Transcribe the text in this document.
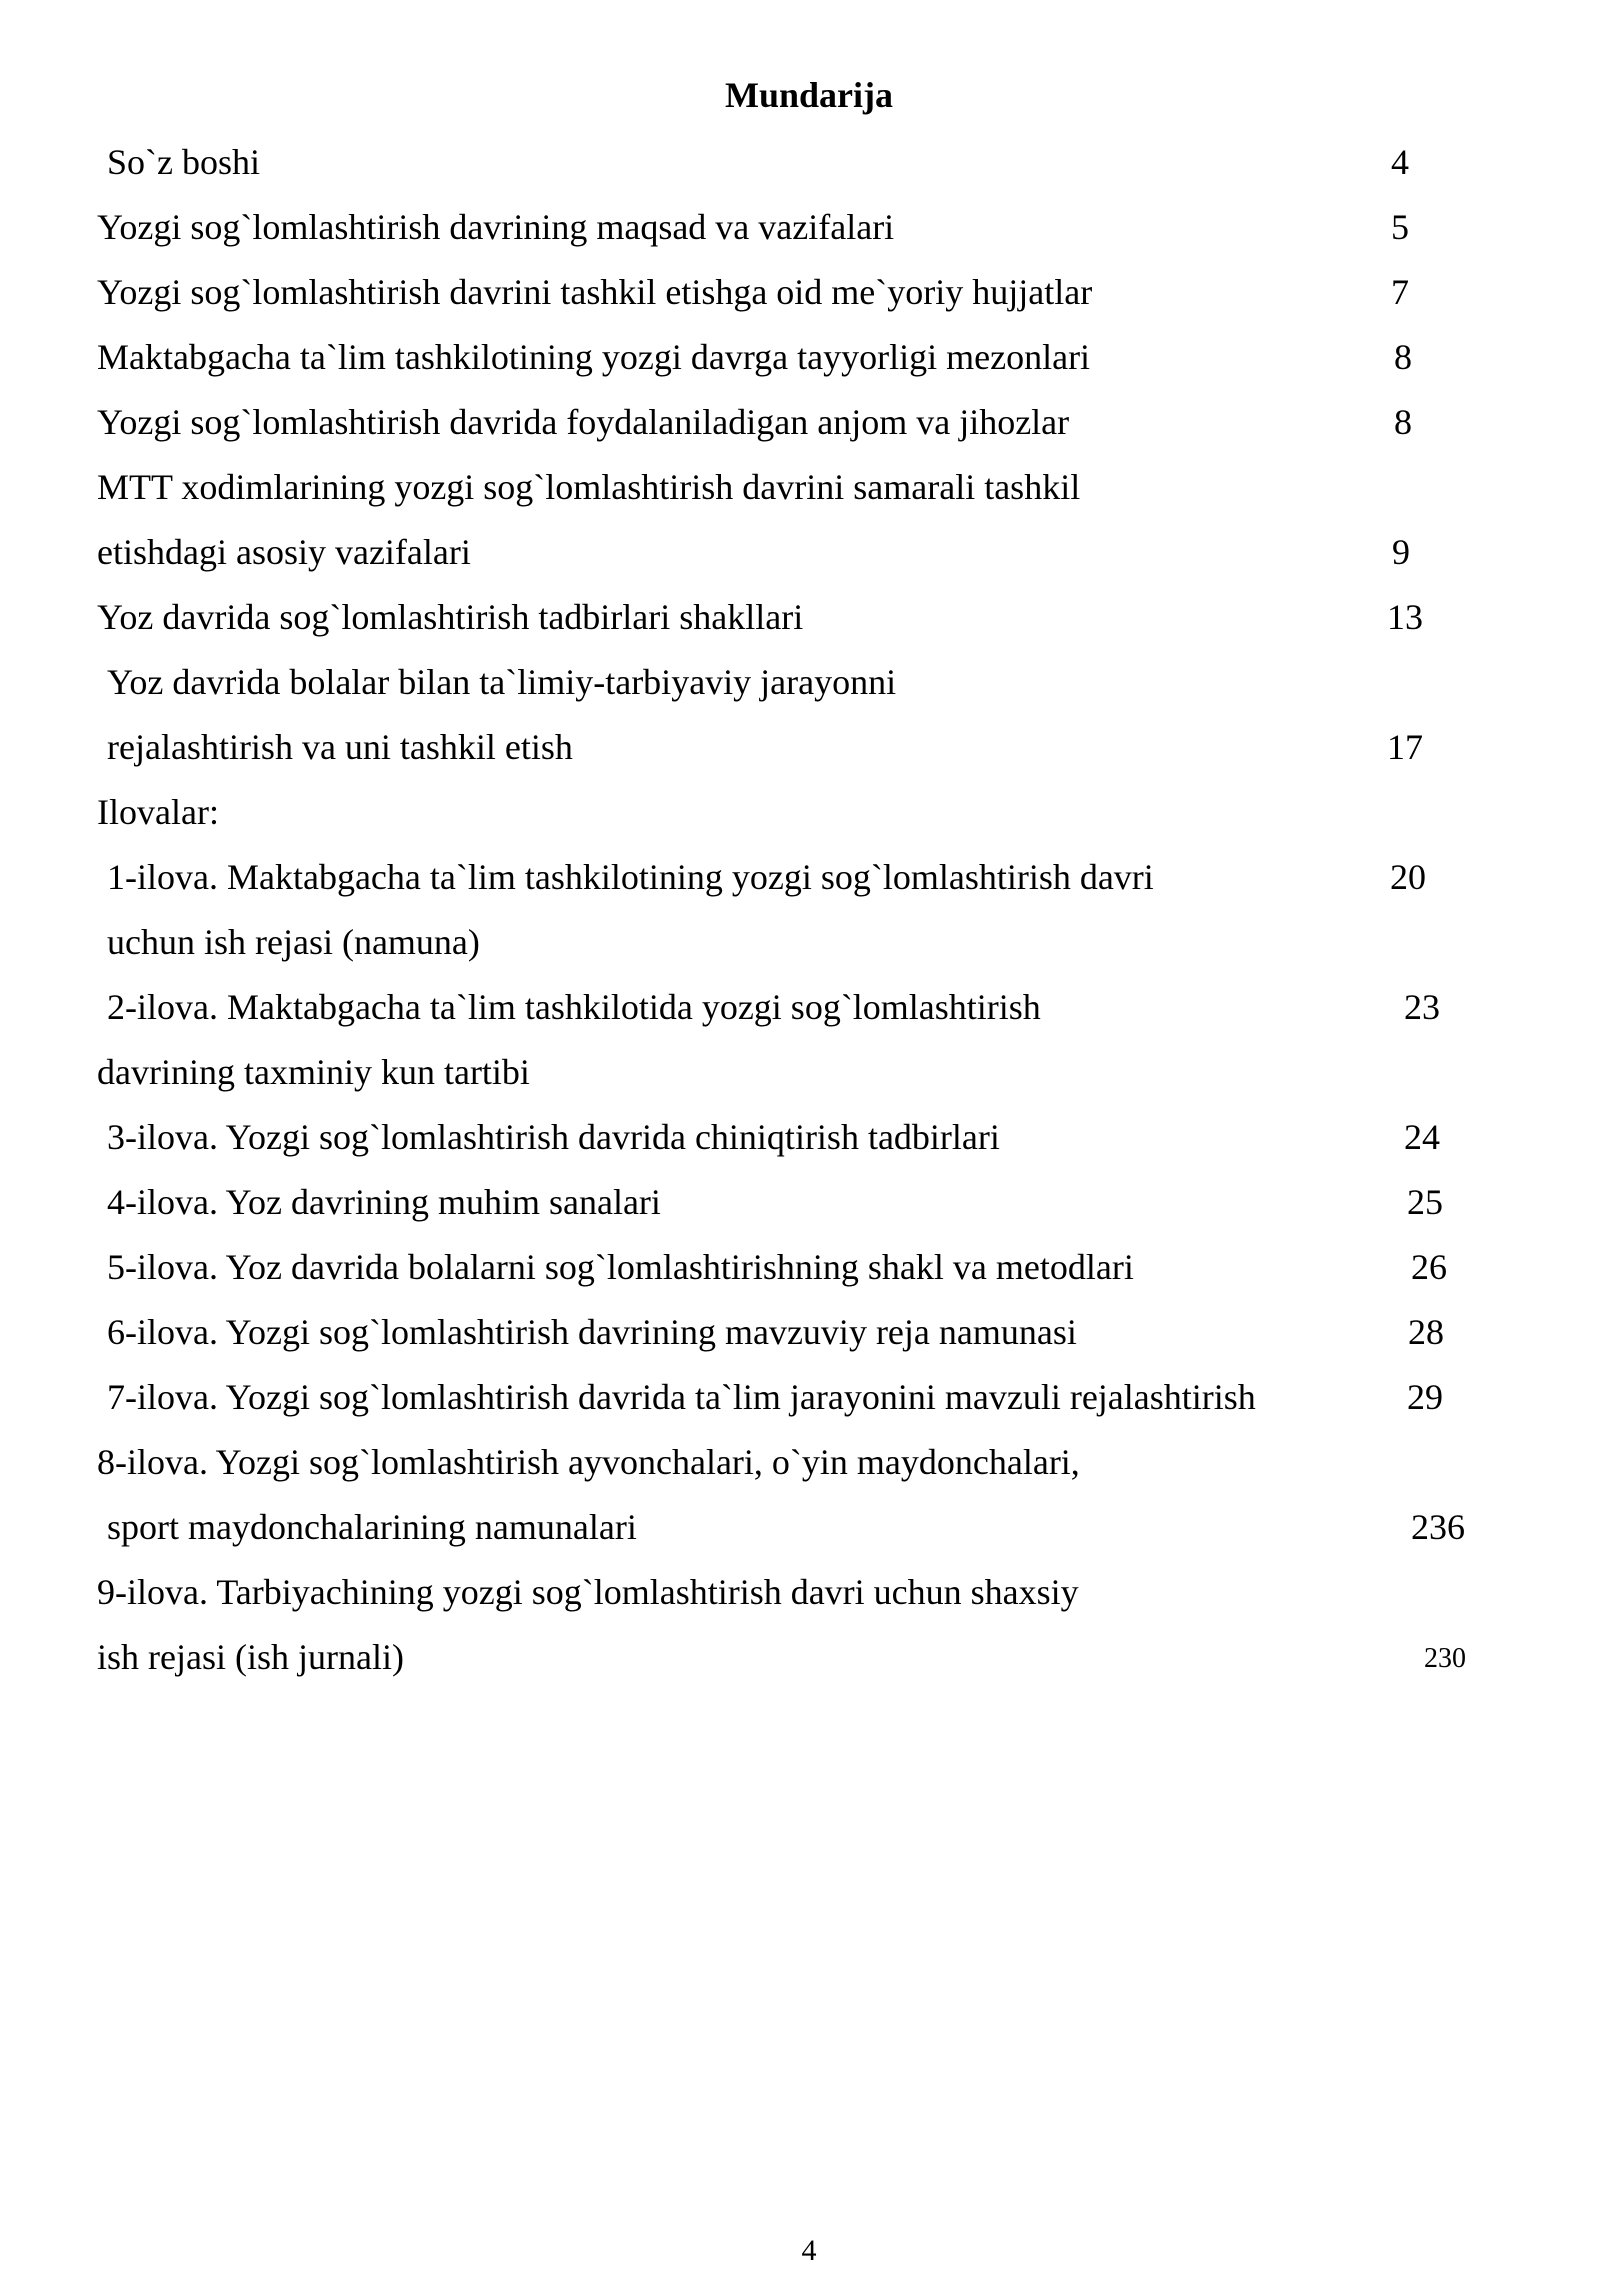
Mundarija
So`z boshi	4
Yozgi sog`lomlashtirish davrining maqsad va vazifalari	5
Yozgi sog`lomlashtirish davrini tashkil etishga oid me`yoriy hujjatlar	7
Maktabgacha ta`lim tashkilotining yozgi davrga tayyorligi mezonlari	8
Yozgi sog`lomlashtirish davrida foydalaniladigan anjom va jihozlar	8
MTT xodimlarining yozgi sog`lomlashtirish davrini samarali tashkil
etishdagi asosiy vazifalari	9
Yoz davrida sog`lomlashtirish tadbirlari shakllari	13
Yoz davrida bolalar bilan ta`limiy-tarbiyaviy jarayonni
rejalashtirish va uni tashkil etish	17
Ilovalar:
1-ilova. Maktabgacha ta`lim tashkilotining yozgi sog`lomlashtirish davri	20
uchun ish rejasi (namuna)
2-ilova. Maktabgacha ta`lim tashkilotida yozgi sog`lomlashtirish	23
davrining taxminiy kun tartibi
3-ilova. Yozgi sog`lomlashtirish davrida chiniqtirish tadbirlari	24
4-ilova. Yoz davrining muhim sanalari	25
5-ilova. Yoz davrida bolalarni sog`lomlashtirishning shakl va metodlari	26
6-ilova. Yozgi sog`lomlashtirish davrining mavzuviy reja namunasi	28
7-ilova. Yozgi sog`lomlashtirish davrida ta`lim jarayonini mavzuli rejalashtirish	29
8-ilova. Yozgi sog`lomlashtirish ayvonchalari, o`yin maydonchalari,
sport maydonchalarining namunalari	236
9-ilova. Tarbiyachining yozgi sog`lomlashtirish davri uchun shaxsiy
ish rejasi (ish jurnali)	230
4
